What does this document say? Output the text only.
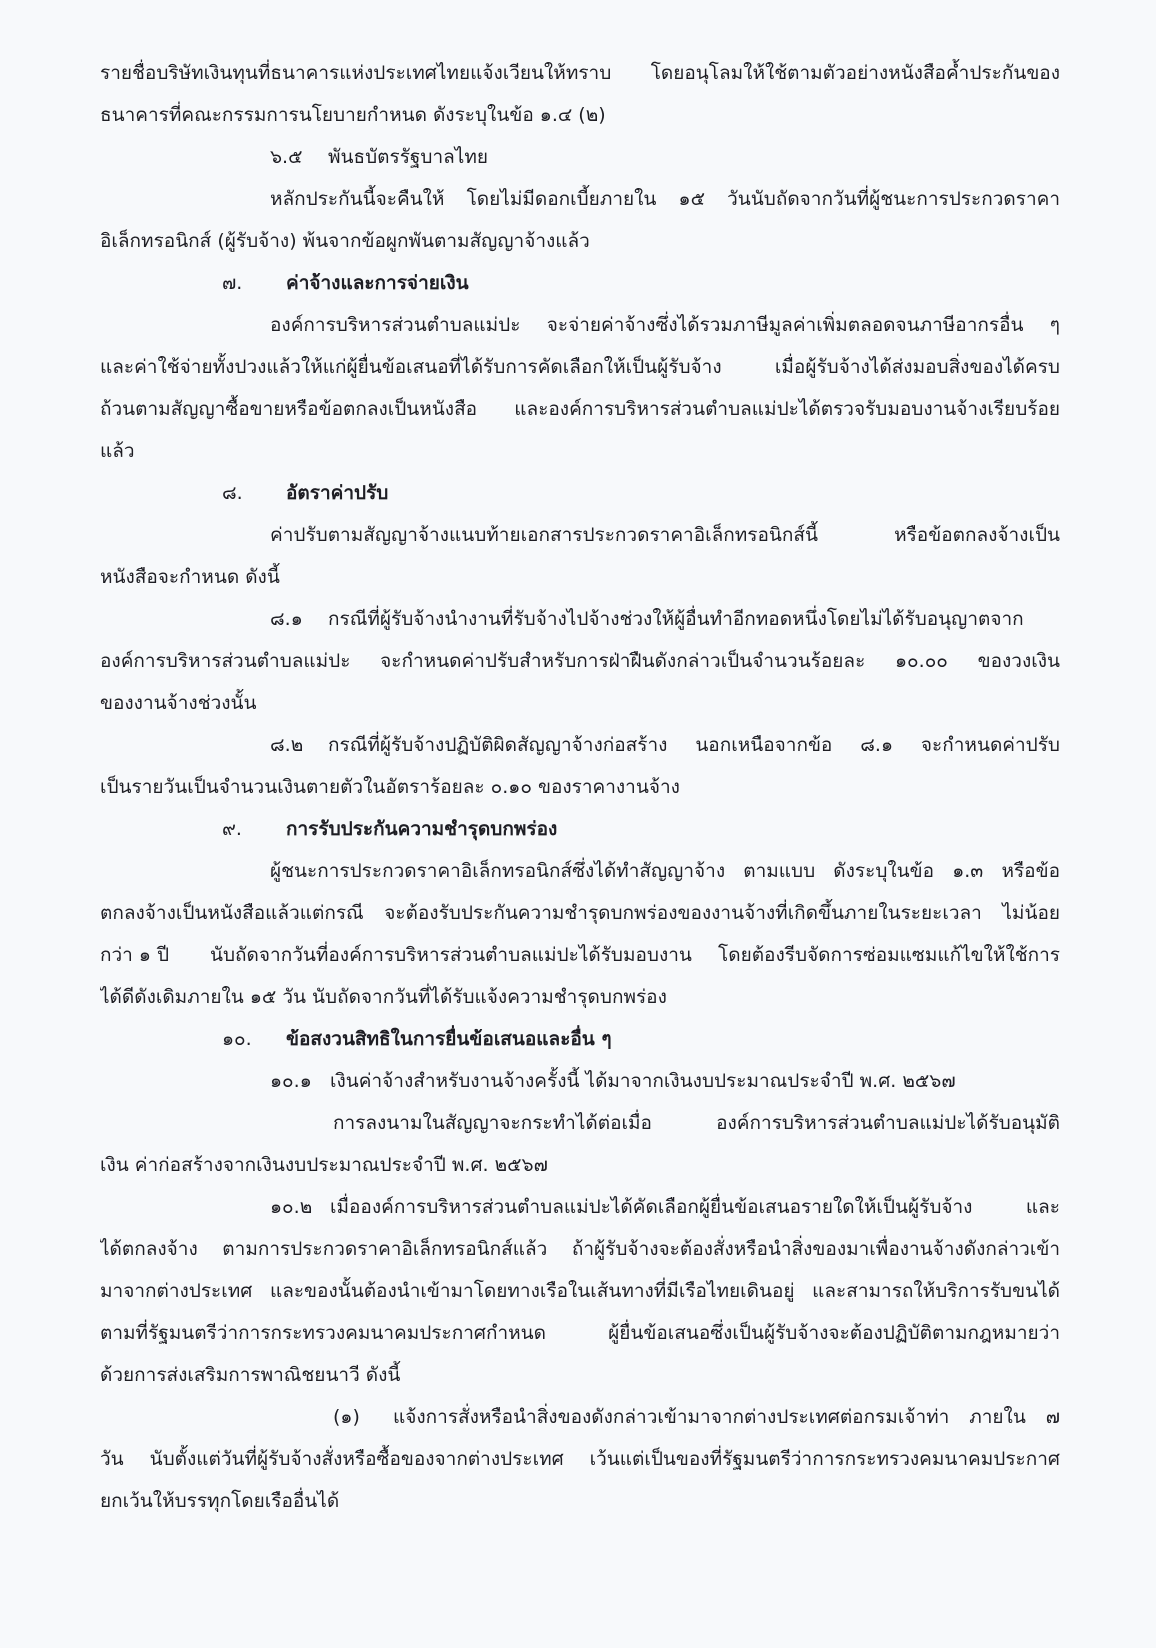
รายชื่อบริษัทเงินทุนที่ธนาคารแห่งประเทศไทยแจ้งเวียนให้ทราบ โดยอนุโลมให้ใช้ตามตัวอย่างหนังสือค้ำประกันของ
ธนาคารที่คณะกรรมการนโยบายกำหนด ดังระบุในข้อ ๑.๔ (๒)
๖.๕ พันธบัตรรัฐบาลไทย
หลักประกันนี้จะคืนให้ โดยไม่มีดอกเบี้ยภายใน ๑๕ วันนับถัดจากวันที่ผู้ชนะการประกวดราคา
อิเล็กทรอนิกส์ (ผู้รับจ้าง) พ้นจากข้อผูกพันตามสัญญาจ้างแล้ว
๗. ค่าจ้างและการจ่ายเงิน
องค์การบริหารส่วนตำบลแม่ปะ จะจ่ายค่าจ้างซึ่งได้รวมภาษีมูลค่าเพิ่มตลอดจนภาษีอากรอื่น ๆ
และค่าใช้จ่ายทั้งปวงแล้วให้แก่ผู้ยื่นข้อเสนอที่ได้รับการคัดเลือกให้เป็นผู้รับจ้าง เมื่อผู้รับจ้างได้ส่งมอบสิ่งของได้ครบ
ถ้วนตามสัญญาซื้อขายหรือข้อตกลงเป็นหนังสือ และองค์การบริหารส่วนตำบลแม่ปะได้ตรวจรับมอบงานจ้างเรียบร้อย
แล้ว
๘. อัตราค่าปรับ
ค่าปรับตามสัญญาจ้างแนบท้ายเอกสารประกวดราคาอิเล็กทรอนิกส์นี้ หรือข้อตกลงจ้างเป็น
หนังสือจะกำหนด ดังนี้
๘.๑ กรณีที่ผู้รับจ้างนำงานที่รับจ้างไปจ้างช่วงให้ผู้อื่นทำอีกทอดหนึ่งโดยไม่ได้รับอนุญาตจาก
องค์การบริหารส่วนตำบลแม่ปะ จะกำหนดค่าปรับสำหรับการฝ่าฝืนดังกล่าวเป็นจำนวนร้อยละ ๑๐.๐๐ ของวงเงิน
ของงานจ้างช่วงนั้น
๘.๒ กรณีที่ผู้รับจ้างปฏิบัติผิดสัญญาจ้างก่อสร้าง นอกเหนือจากข้อ ๘.๑ จะกำหนดค่าปรับ
เป็นรายวันเป็นจำนวนเงินตายตัวในอัตราร้อยละ ๐.๑๐ ของราคางานจ้าง
๙. การรับประกันความชำรุดบกพร่อง
ผู้ชนะการประกวดราคาอิเล็กทรอนิกส์ซึ่งได้ทำสัญญาจ้าง ตามแบบ ดังระบุในข้อ ๑.๓ หรือข้อ
ตกลงจ้างเป็นหนังสือแล้วแต่กรณี จะต้องรับประกันความชำรุดบกพร่องของงานจ้างที่เกิดขึ้นภายในระยะเวลา ไม่น้อย
กว่า ๑ ปี นับถัดจากวันที่องค์การบริหารส่วนตำบลแม่ปะได้รับมอบงาน โดยต้องรีบจัดการซ่อมแซมแก้ไขให้ใช้การ
ได้ดีดังเดิมภายใน ๑๕ วัน นับถัดจากวันที่ได้รับแจ้งความชำรุดบกพร่อง
๑๐. ข้อสงวนสิทธิในการยื่นข้อเสนอและอื่น ๆ
๑๐.๑ เงินค่าจ้างสำหรับงานจ้างครั้งนี้ ได้มาจากเงินงบประมาณประจำปี พ.ศ. ๒๕๖๗
การลงนามในสัญญาจะกระทำได้ต่อเมื่อ องค์การบริหารส่วนตำบลแม่ปะได้รับอนุมัติ
เงิน ค่าก่อสร้างจากเงินงบประมาณประจำปี พ.ศ. ๒๕๖๗
๑๐.๒ เมื่อองค์การบริหารส่วนตำบลแม่ปะได้คัดเลือกผู้ยื่นข้อเสนอรายใดให้เป็นผู้รับจ้าง และ
ได้ตกลงจ้าง ตามการประกวดราคาอิเล็กทรอนิกส์แล้ว ถ้าผู้รับจ้างจะต้องสั่งหรือนำสิ่งของมาเพื่องานจ้างดังกล่าวเข้า
มาจากต่างประเทศ และของนั้นต้องนำเข้ามาโดยทางเรือในเส้นทางที่มีเรือไทยเดินอยู่ และสามารถให้บริการรับขนได้
ตามที่รัฐมนตรีว่าการกระทรวงคมนาคมประกาศกำหนด ผู้ยื่นข้อเสนอซึ่งเป็นผู้รับจ้างจะต้องปฏิบัติตามกฎหมายว่า
ด้วยการส่งเสริมการพาณิชยนาวี ดังนี้
(๑) แจ้งการสั่งหรือนำสิ่งของดังกล่าวเข้ามาจากต่างประเทศต่อกรมเจ้าท่า ภายใน ๗
วัน นับตั้งแต่วันที่ผู้รับจ้างสั่งหรือซื้อของจากต่างประเทศ เว้นแต่เป็นของที่รัฐมนตรีว่าการกระทรวงคมนาคมประกาศ
ยกเว้นให้บรรทุกโดยเรืออื่นได้
